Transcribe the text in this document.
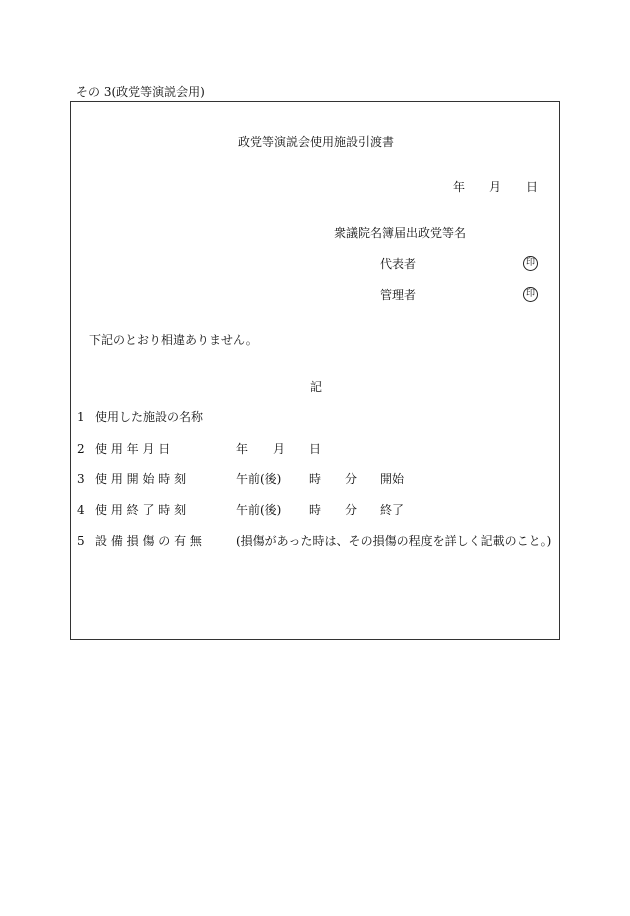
その 3(政党等演説会用)
政党等演説会使用施設引渡書
年 月 日
衆議院名簿届出政党等名
代表者	印
管理者	印
下記のとおり相違ありません。
記
1 使用した施設の名称
2 使 用 年 月 日	年 月 日
3 使 用 開 始 時 刻	午前(後) 時 分 開始
4 使 用 終 了 時 刻	午前(後) 時 分 終了
5 設 備 損 傷 の 有 無	(損傷があった時は、その損傷の程度を詳しく記載のこと。)
